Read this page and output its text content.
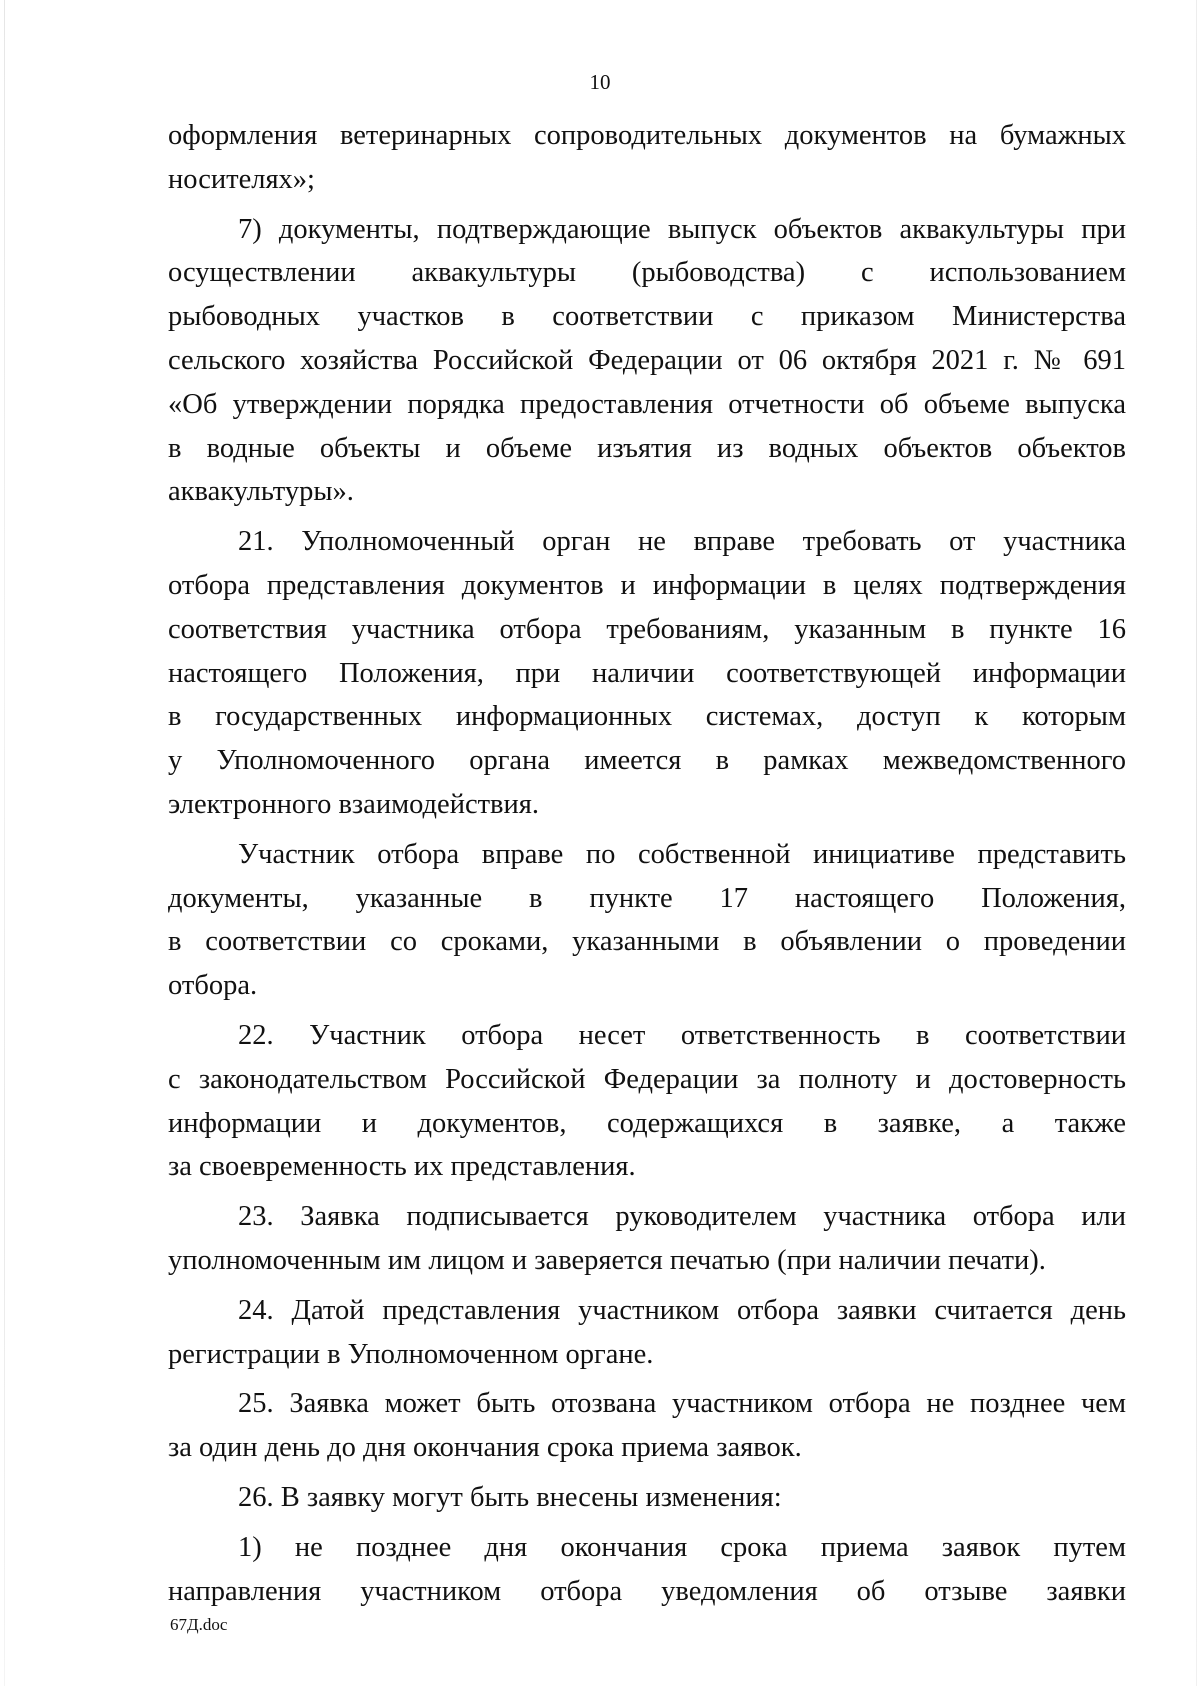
10
оформления ветеринарных сопроводительных документов на бумажных
носителях»;
7) документы, подтверждающие выпуск объектов аквакультуры при
осуществлении аквакультуры (рыбоводства) с использованием
рыбоводных участков в соответствии с приказом Министерства
сельского хозяйства Российской Федерации от 06 октября 2021 г. № 691
«Об утверждении порядка предоставления отчетности об объеме выпуска
в водные объекты и объеме изъятия из водных объектов объектов
аквакультуры».
21. Уполномоченный орган не вправе требовать от участника
отбора представления документов и информации в целях подтверждения
соответствия участника отбора требованиям, указанным в пункте 16
настоящего Положения, при наличии соответствующей информации
в государственных информационных системах, доступ к которым
у Уполномоченного органа имеется в рамках межведомственного
электронного взаимодействия.
Участник отбора вправе по собственной инициативе представить
документы, указанные в пункте 17 настоящего Положения,
в соответствии со сроками, указанными в объявлении о проведении
отбора.
22. Участник отбора несет ответственность в соответствии
с законодательством Российской Федерации за полноту и достоверность
информации и документов, содержащихся в заявке, а также
за своевременность их представления.
23. Заявка подписывается руководителем участника отбора или
уполномоченным им лицом и заверяется печатью (при наличии печати).
24. Датой представления участником отбора заявки считается день
регистрации в Уполномоченном органе.
25. Заявка может быть отозвана участником отбора не позднее чем
за один день до дня окончания срока приема заявок.
26. В заявку могут быть внесены изменения:
1) не позднее дня окончания срока приема заявок путем
направления участником отбора уведомления об отзыве заявки
67Д.doc
